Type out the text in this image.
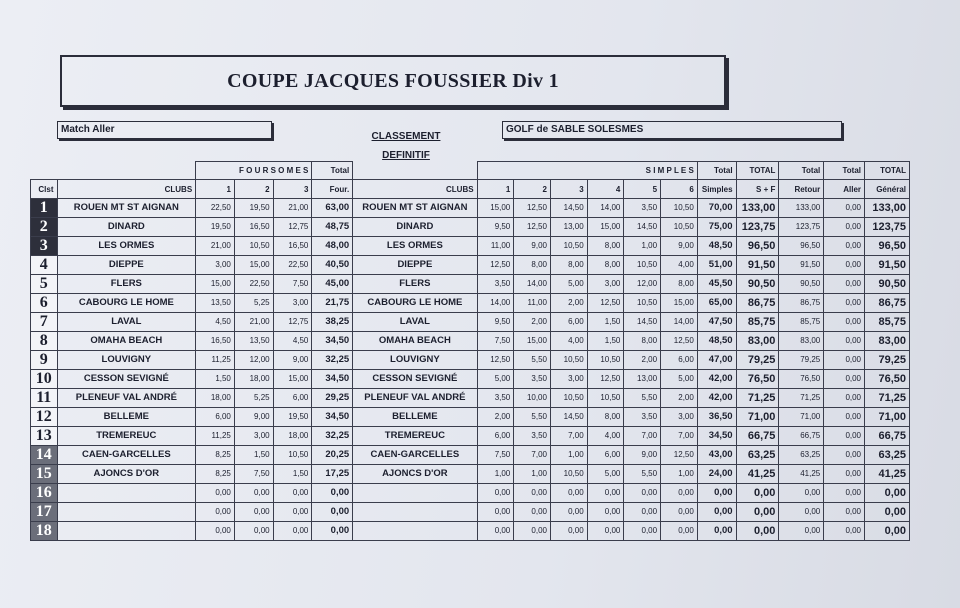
COUPE JACQUES FOUSSIER Div 1
Match Aller
CLASSEMENT
DEFINITIF
GOLF de SABLE SOLESMES
		F O U R S O M E S			Total		S I M P L E S						Total	TOTAL	Total	Total	TOTAL
Clst	CLUBS	1	2	3	Four.	CLUBS	1	2	3	4	5	6	Simples	S + F	Retour	Aller	Général
1	ROUEN MT ST AIGNAN	22,50	19,50	21,00	63,00	ROUEN MT ST AIGNAN	15,00	12,50	14,50	14,00	3,50	10,50	70,00	133,00	133,00	0,00	133,00
2	DINARD	19,50	16,50	12,75	48,75	DINARD	9,50	12,50	13,00	15,00	14,50	10,50	75,00	123,75	123,75	0,00	123,75
3	LES ORMES	21,00	10,50	16,50	48,00	LES ORMES	11,00	9,00	10,50	8,00	1,00	9,00	48,50	96,50	96,50	0,00	96,50
4	DIEPPE	3,00	15,00	22,50	40,50	DIEPPE	12,50	8,00	8,00	8,00	10,50	4,00	51,00	91,50	91,50	0,00	91,50
5	FLERS	15,00	22,50	7,50	45,00	FLERS	3,50	14,00	5,00	3,00	12,00	8,00	45,50	90,50	90,50	0,00	90,50
6	CABOURG LE HOME	13,50	5,25	3,00	21,75	CABOURG LE HOME	14,00	11,00	2,00	12,50	10,50	15,00	65,00	86,75	86,75	0,00	86,75
7	LAVAL	4,50	21,00	12,75	38,25	LAVAL	9,50	2,00	6,00	1,50	14,50	14,00	47,50	85,75	85,75	0,00	85,75
8	OMAHA BEACH	16,50	13,50	4,50	34,50	OMAHA BEACH	7,50	15,00	4,00	1,50	8,00	12,50	48,50	83,00	83,00	0,00	83,00
9	LOUVIGNY	11,25	12,00	9,00	32,25	LOUVIGNY	12,50	5,50	10,50	10,50	2,00	6,00	47,00	79,25	79,25	0,00	79,25
10	CESSON SEVIGNÉ	1,50	18,00	15,00	34,50	CESSON SEVIGNÉ	5,00	3,50	3,00	12,50	13,00	5,00	42,00	76,50	76,50	0,00	76,50
11	PLENEUF VAL ANDRÉ	18,00	5,25	6,00	29,25	PLENEUF VAL ANDRÉ	3,50	10,00	10,50	10,50	5,50	2,00	42,00	71,25	71,25	0,00	71,25
12	BELLEME	6,00	9,00	19,50	34,50	BELLEME	2,00	5,50	14,50	8,00	3,50	3,00	36,50	71,00	71,00	0,00	71,00
13	TREMEREUC	11,25	3,00	18,00	32,25	TREMEREUC	6,00	3,50	7,00	4,00	7,00	7,00	34,50	66,75	66,75	0,00	66,75
14	CAEN-GARCELLES	8,25	1,50	10,50	20,25	CAEN-GARCELLES	7,50	7,00	1,00	6,00	9,00	12,50	43,00	63,25	63,25	0,00	63,25
15	AJONCS D'OR	8,25	7,50	1,50	17,25	AJONCS D'OR	1,00	1,00	10,50	5,00	5,50	1,00	24,00	41,25	41,25	0,00	41,25
16		0,00	0,00	0,00	0,00		0,00	0,00	0,00	0,00	0,00	0,00	0,00	0,00	0,00	0,00	0,00
17		0,00	0,00	0,00	0,00		0,00	0,00	0,00	0,00	0,00	0,00	0,00	0,00	0,00	0,00	0,00
18		0,00	0,00	0,00	0,00		0,00	0,00	0,00	0,00	0,00	0,00	0,00	0,00	0,00	0,00	0,00
